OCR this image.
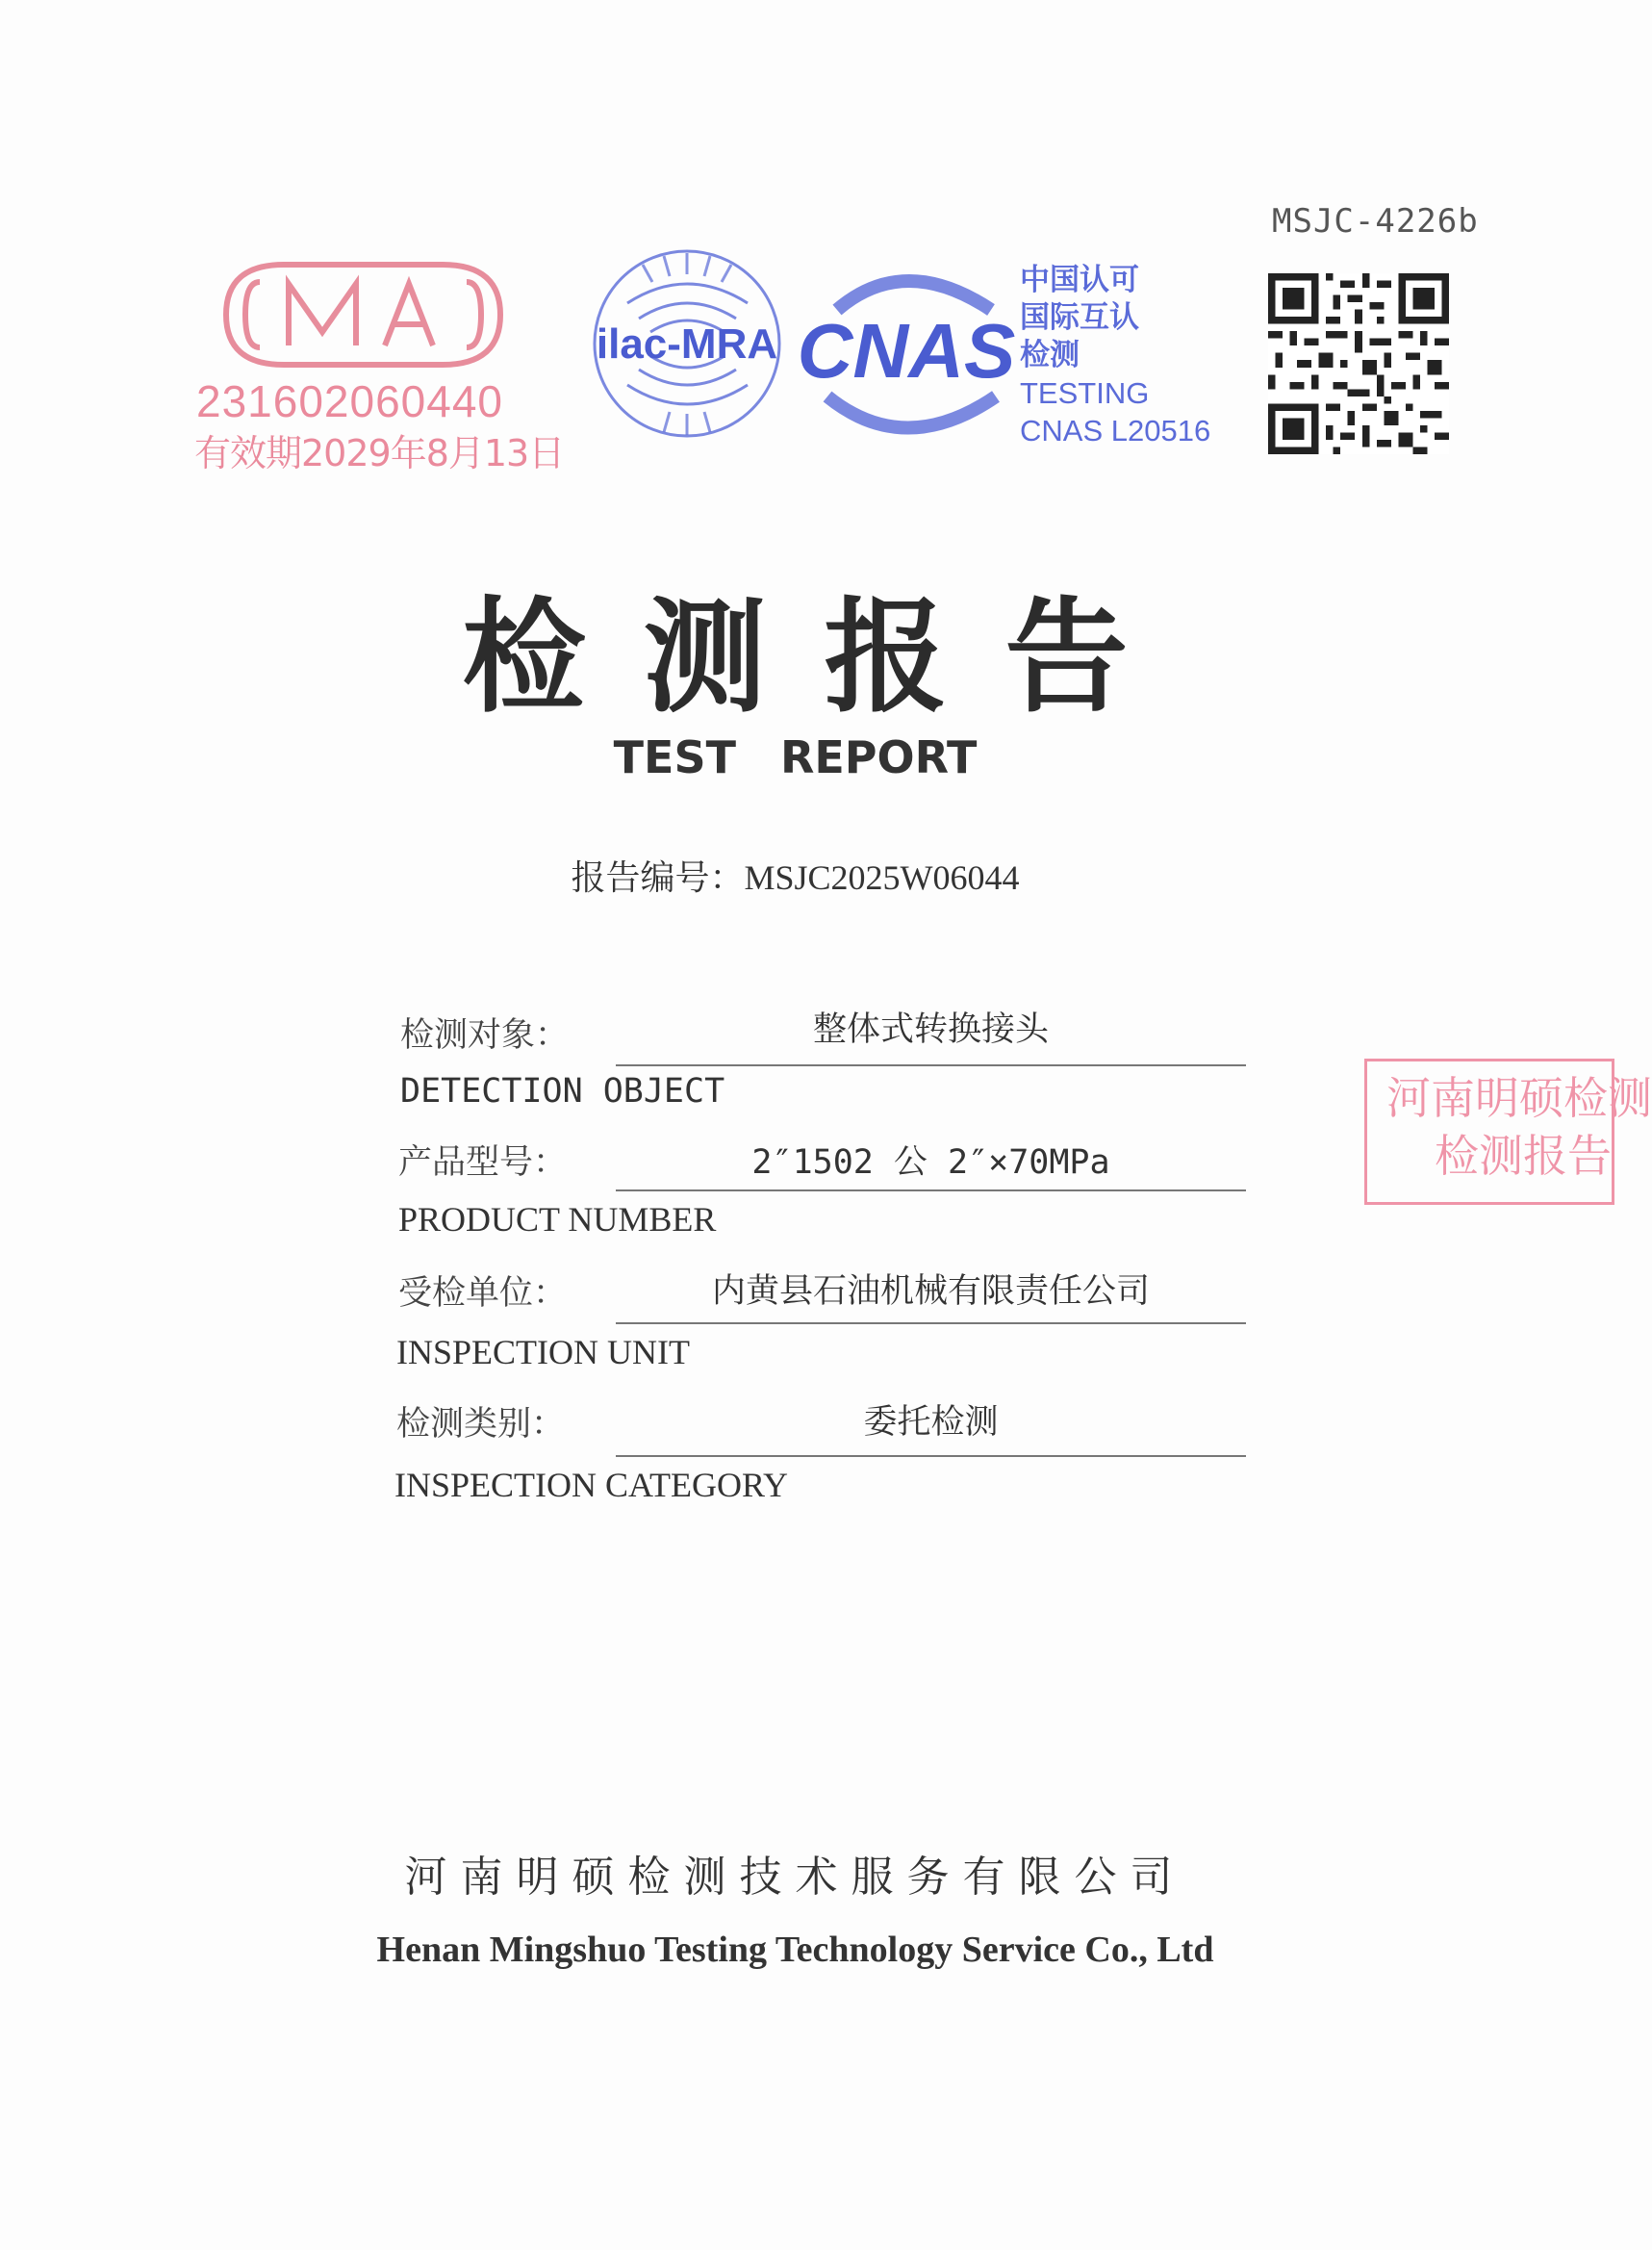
MSJC-4226b
231602060440
有效期2029年8月13日
ilac-MRA CNAS
中国认可
国际互认
检测
TESTING
CNAS L20516
检测报告
TEST REPORT
报告编号：MSJC2025W06044
检测对象：	整体式转换接头
DETECTION OBJECT
产品型号：	2″1502 公 2″×70MPa
PRODUCT NUMBER
受检单位：	内黄县石油机械有限责任公司
INSPECTION UNIT
检测类别：	委托检测
INSPECTION CATEGORY
河南明硕检测
检测报告
河南明硕检测技术服务有限公司
Henan Mingshuo Testing Technology Service Co., Ltd
